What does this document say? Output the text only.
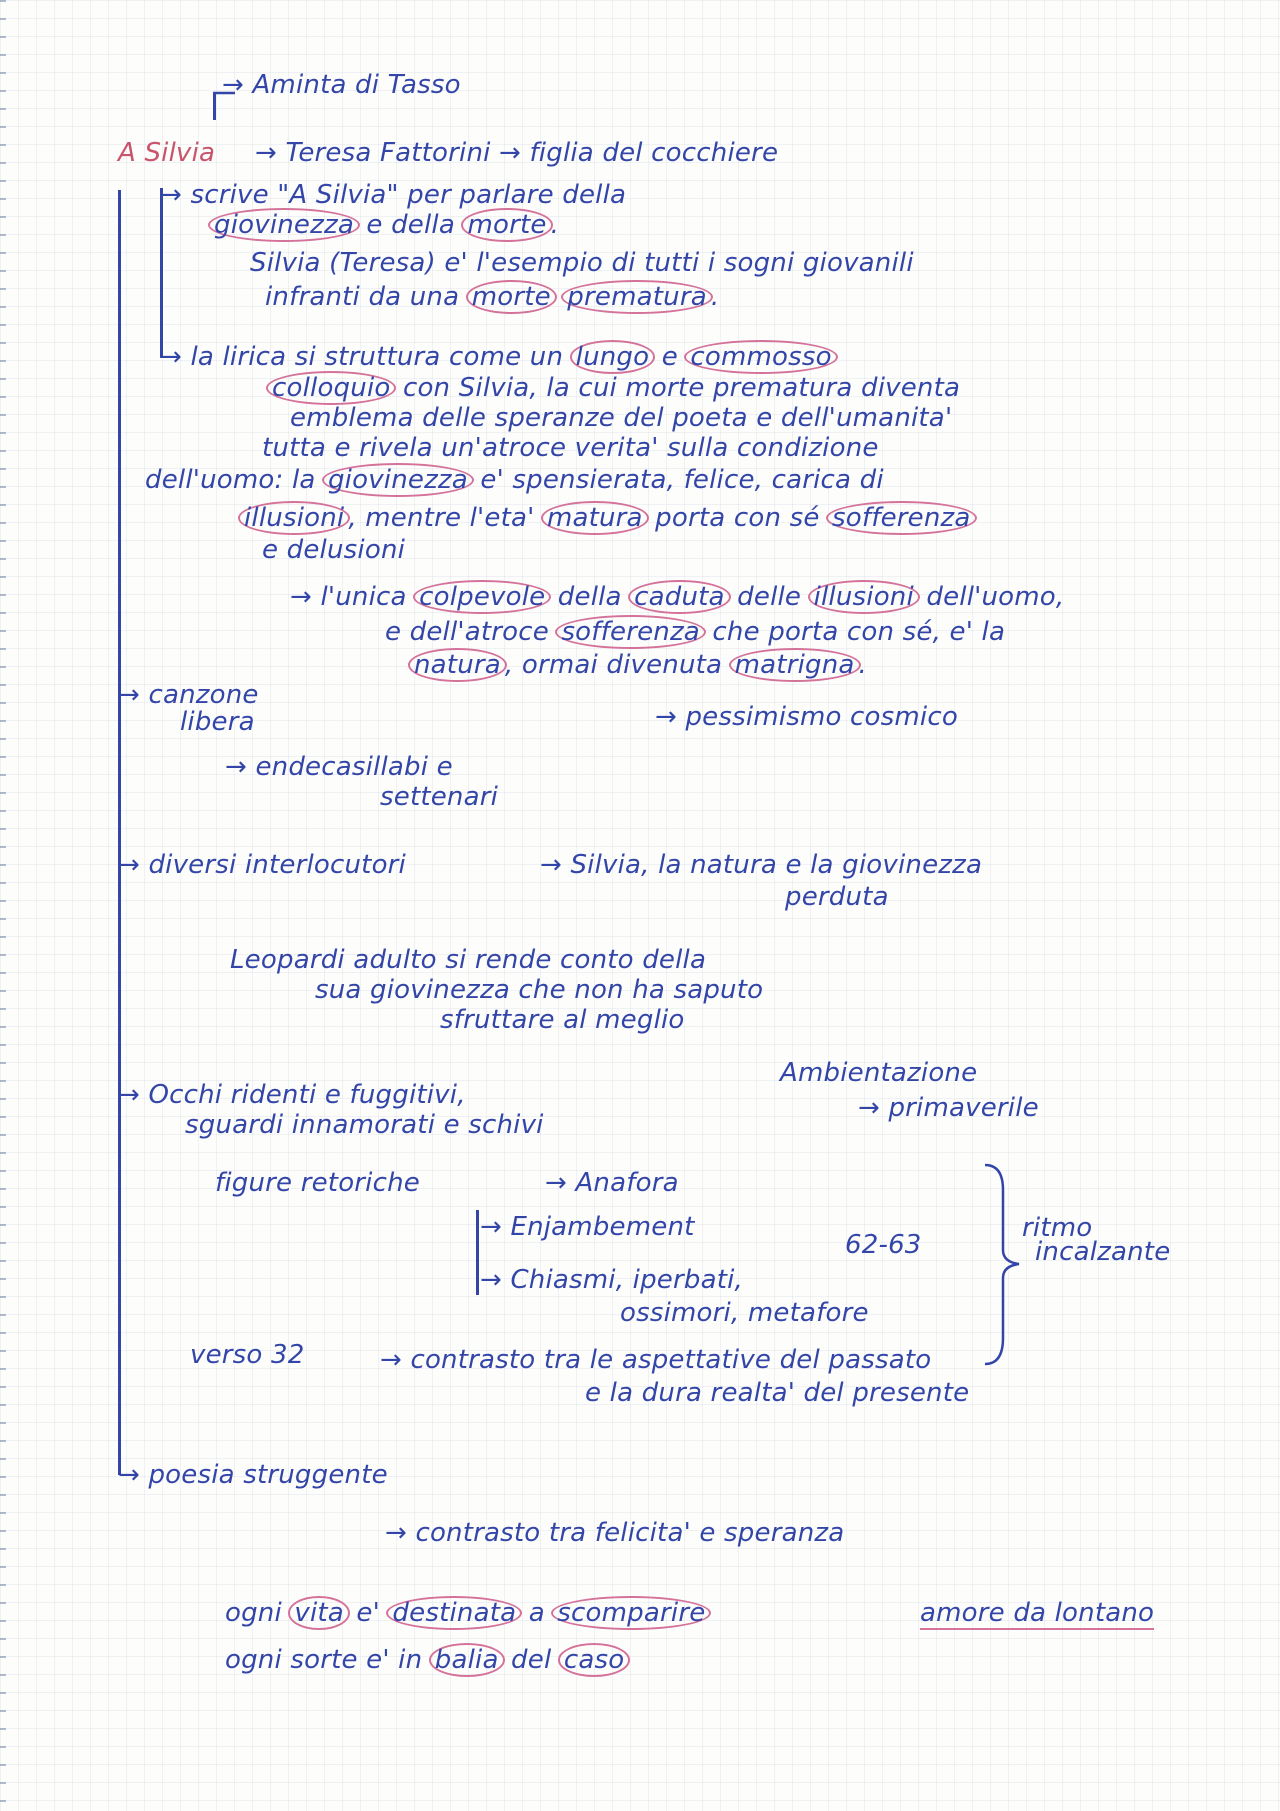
→ Aminta di Tasso
A Silvia → Teresa Fattorini → figlia del cocchiere
→ scrive "A Silvia" per parlare della
giovinezza e della morte .
Silvia (Teresa) e' l'esempio di tutti i sogni giovanili
infranti da una morte prematura .
→ la lirica si struttura come un lungo e commosso
colloquio con Silvia, la cui morte prematura diventa
emblema delle speranze del poeta e dell'umanita'
tutta e rivela un'atroce verita' sulla condizione
dell'uomo: la giovinezza e' spensierata, felice, carica di
illusioni , mentre l'eta' matura porta con sé sofferenza
e delusioni
→ l'unica colpevole della caduta delle illusioni dell'uomo,
e dell'atroce sofferenza che porta con sé, e' la
natura , ormai divenuta matrigna .
→ canzone
libera	→ pessimismo cosmico
→ endecasillabi e
settenari
→ diversi interlocutori	→ Silvia, la natura e la giovinezza
perduta
Leopardi adulto si rende conto della
sua giovinezza che non ha saputo
sfruttare al meglio
Ambientazione
→ primaverile
→ Occhi ridenti e fuggitivi,
sguardi innamorati e schivi
figure retoriche	→ Anafora
→ Enjambement
62-63
→ Chiasmi, iperbati,
ossimori, metafore
ritmo
incalzante
verso 32	→ contrasto tra le aspettative del passato
e la dura realta' del presente
→ poesia struggente
→ contrasto tra felicita' e speranza
ogni vita e' destinata a scomparire	amore da lontano
ogni sorte e' in balia del caso
